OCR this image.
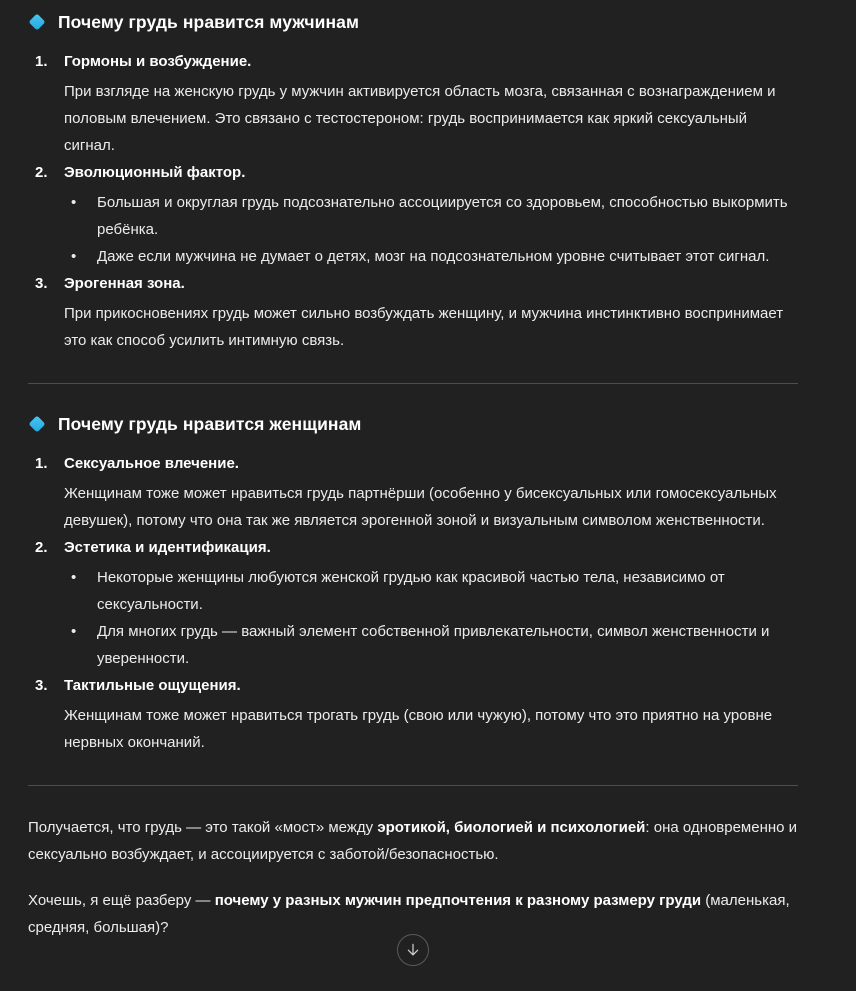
Почему грудь нравится мужчинам
Гормоны и возбуждение.

При взгляде на женскую грудь у мужчин активируется область мозга, связанная с вознаграждением и половым влечением. Это связано с тестостероном: грудь воспринимается как яркий сексуальный сигнал.

Эволюционный фактор.
• Большая и округлая грудь подсознательно ассоциируется со здоровьем, способностью выкормить ребёнка.
• Даже если мужчина не думает о детях, мозг на подсознательном уровне считывает этот сигнал.
Эрогенная зона.

При прикосновениях грудь может сильно возбуждать женщину, и мужчина инстинктивно воспринимает это как способ усилить интимную связь.

Почему грудь нравится женщинам
Сексуальное влечение.

Женщинам тоже может нравиться грудь партнёрши (особенно у бисексуальных или гомосексуальных девушек), потому что она так же является эрогенной зоной и визуальным символом женственности.

Эстетика и идентификация.
• Некоторые женщины любуются женской грудью как красивой частью тела, независимо от сексуальности.
• Для многих грудь — важный элемент собственной привлекательности, символ женственности и уверенности.
Тактильные ощущения.

Женщинам тоже может нравиться трогать грудь (свою или чужую), потому что это приятно на уровне нервных окончаний.

Получается, что грудь — это такой «мост» между эротикой, биологией и психологией: она одновременно и сексуально возбуждает, и ассоциируется с заботой/безопасностью.

Хочешь, я ещё разберу — почему у разных мужчин предпочтения к разному размеру груди (маленькая, средняя, большая)?
